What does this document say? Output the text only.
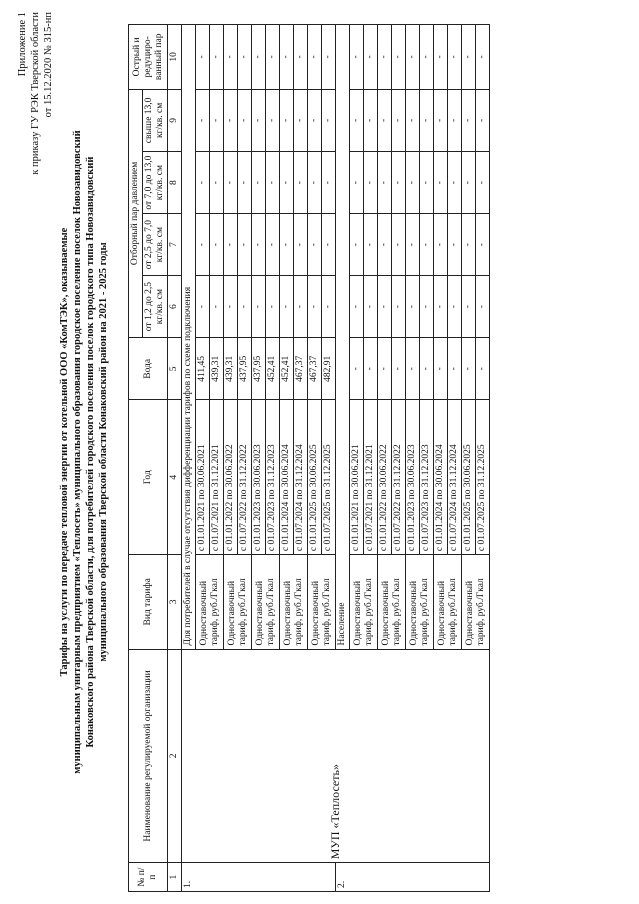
Приложение 1 к приказу ГУ РЭК Тверской области от 15.12.2020 № 315-нп
Тарифы на услуги по передаче тепловой энергии от котельной ООО «КомТЭК», оказываемые муниципальным унитарным предприятием «Теплосеть» муниципального образования городское поселение поселок Новозавидовский Конаковского района Тверской области, для потребителей городского поселения поселок городского типа Новозавидовский муниципального образования Тверской области Конаковский район на 2021 - 2025 годы
№ п/ п	Наименование регулируемой организации	Вид тарифа	Год	Вода	Отборный пар давлением				Острый и редуциро- ванный пар
					от 1,2 до 2,5 кг/кв. см	от 2,5 до 7,0 кг/кв. см	от 7,0 до 13,0 кг/кв. см	свыше 13,0 кг/кв. см	
1	2	3	4	5	6	7	8	9	10
1.	МУП «Теплосеть»	Для потребителей в случае отсутствия дифференциации тарифов по схеме подключения							
		Одноставочный тариф, руб./Гкал	с 01.01.2021 по 30.06.2021	411,45	-	-	-	-	-
			с 01.07.2021 по 31.12.2021	439,31	-	-	-	-	-
		Одноставочный тариф, руб./Гкал	с 01.01.2022 по 30.06.2022	439,31	-	-	-	-	-
			с 01.07.2022 по 31.12.2022	437,95	-	-	-	-	-
		Одноставочный тариф, руб./Гкал	с 01.01.2023 по 30.06.2023	437,95	-	-	-	-	-
			с 01.07.2023 по 31.12.2023	452,41	-	-	-	-	-
		Одноставочный тариф, руб./Гкал	с 01.01.2024 по 30.06.2024	452,41	-	-	-	-	-
			с 01.07.2024 по 31.12.2024	467,37	-	-	-	-	-
		Одноставочный тариф, руб./Гкал	с 01.01.2025 по 30.06.2025	467,37	-	-	-	-	-
			с 01.07.2025 по 31.12.2025	482,91	-	-	-	-	-
2.		Население							
		Одноставочный тариф, руб./Гкал	с 01.01.2021 по 30.06.2021	-	-	-	-	-	-
			с 01.07.2021 по 31.12.2021	-	-	-	-	-	-
		Одноставочный тариф, руб./Гкал	с 01.01.2022 по 30.06.2022	-	-	-	-	-	-
			с 01.07.2022 по 31.12.2022	-	-	-	-	-	-
		Одноставочный тариф, руб./Гкал	с 01.01.2023 по 30.06.2023	-	-	-	-	-	-
			с 01.07.2023 по 31.12.2023	-	-	-	-	-	-
		Одноставочный тариф, руб./Гкал	с 01.01.2024 по 30.06.2024	-	-	-	-	-	-
			с 01.07.2024 по 31.12.2024	-	-	-	-	-	-
		Одноставочный тариф, руб./Гкал	с 01.01.2025 по 30.06.2025	-	-	-	-	-	-
			с 01.07.2025 по 31.12.2025	-	-	-	-	-	-
